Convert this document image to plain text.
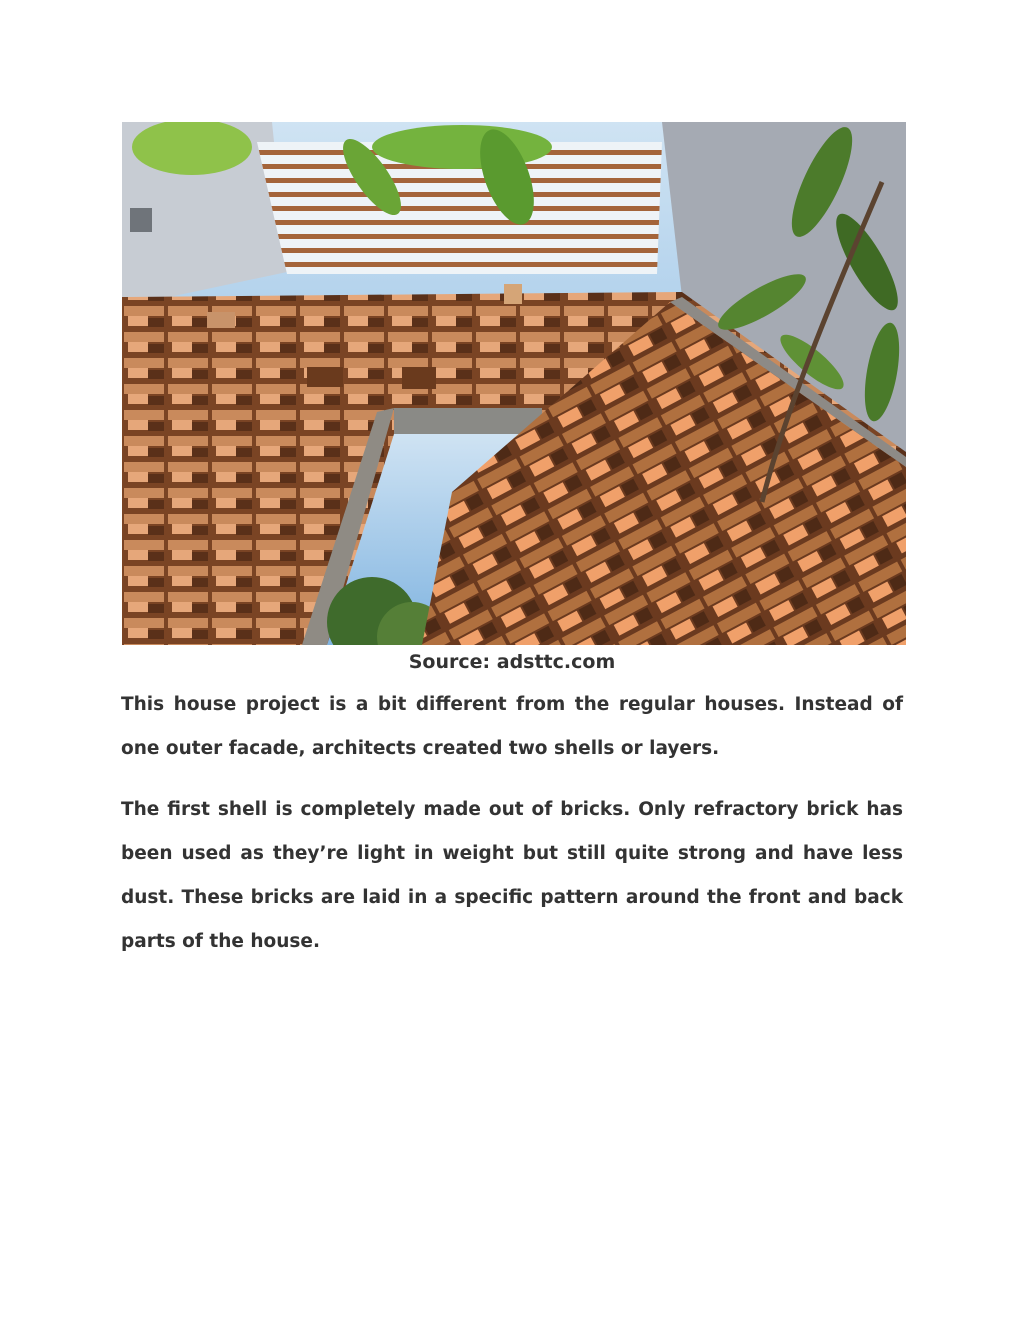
Source: adsttc.com

This house project is a bit different from the regular houses. Instead of one outer facade, architects created two shells or layers.

The first shell is completely made out of bricks. Only refractory brick has been used as they’re light in weight but still quite strong and have less dust. These bricks are laid in a specific pattern around the front and back parts of the house.
